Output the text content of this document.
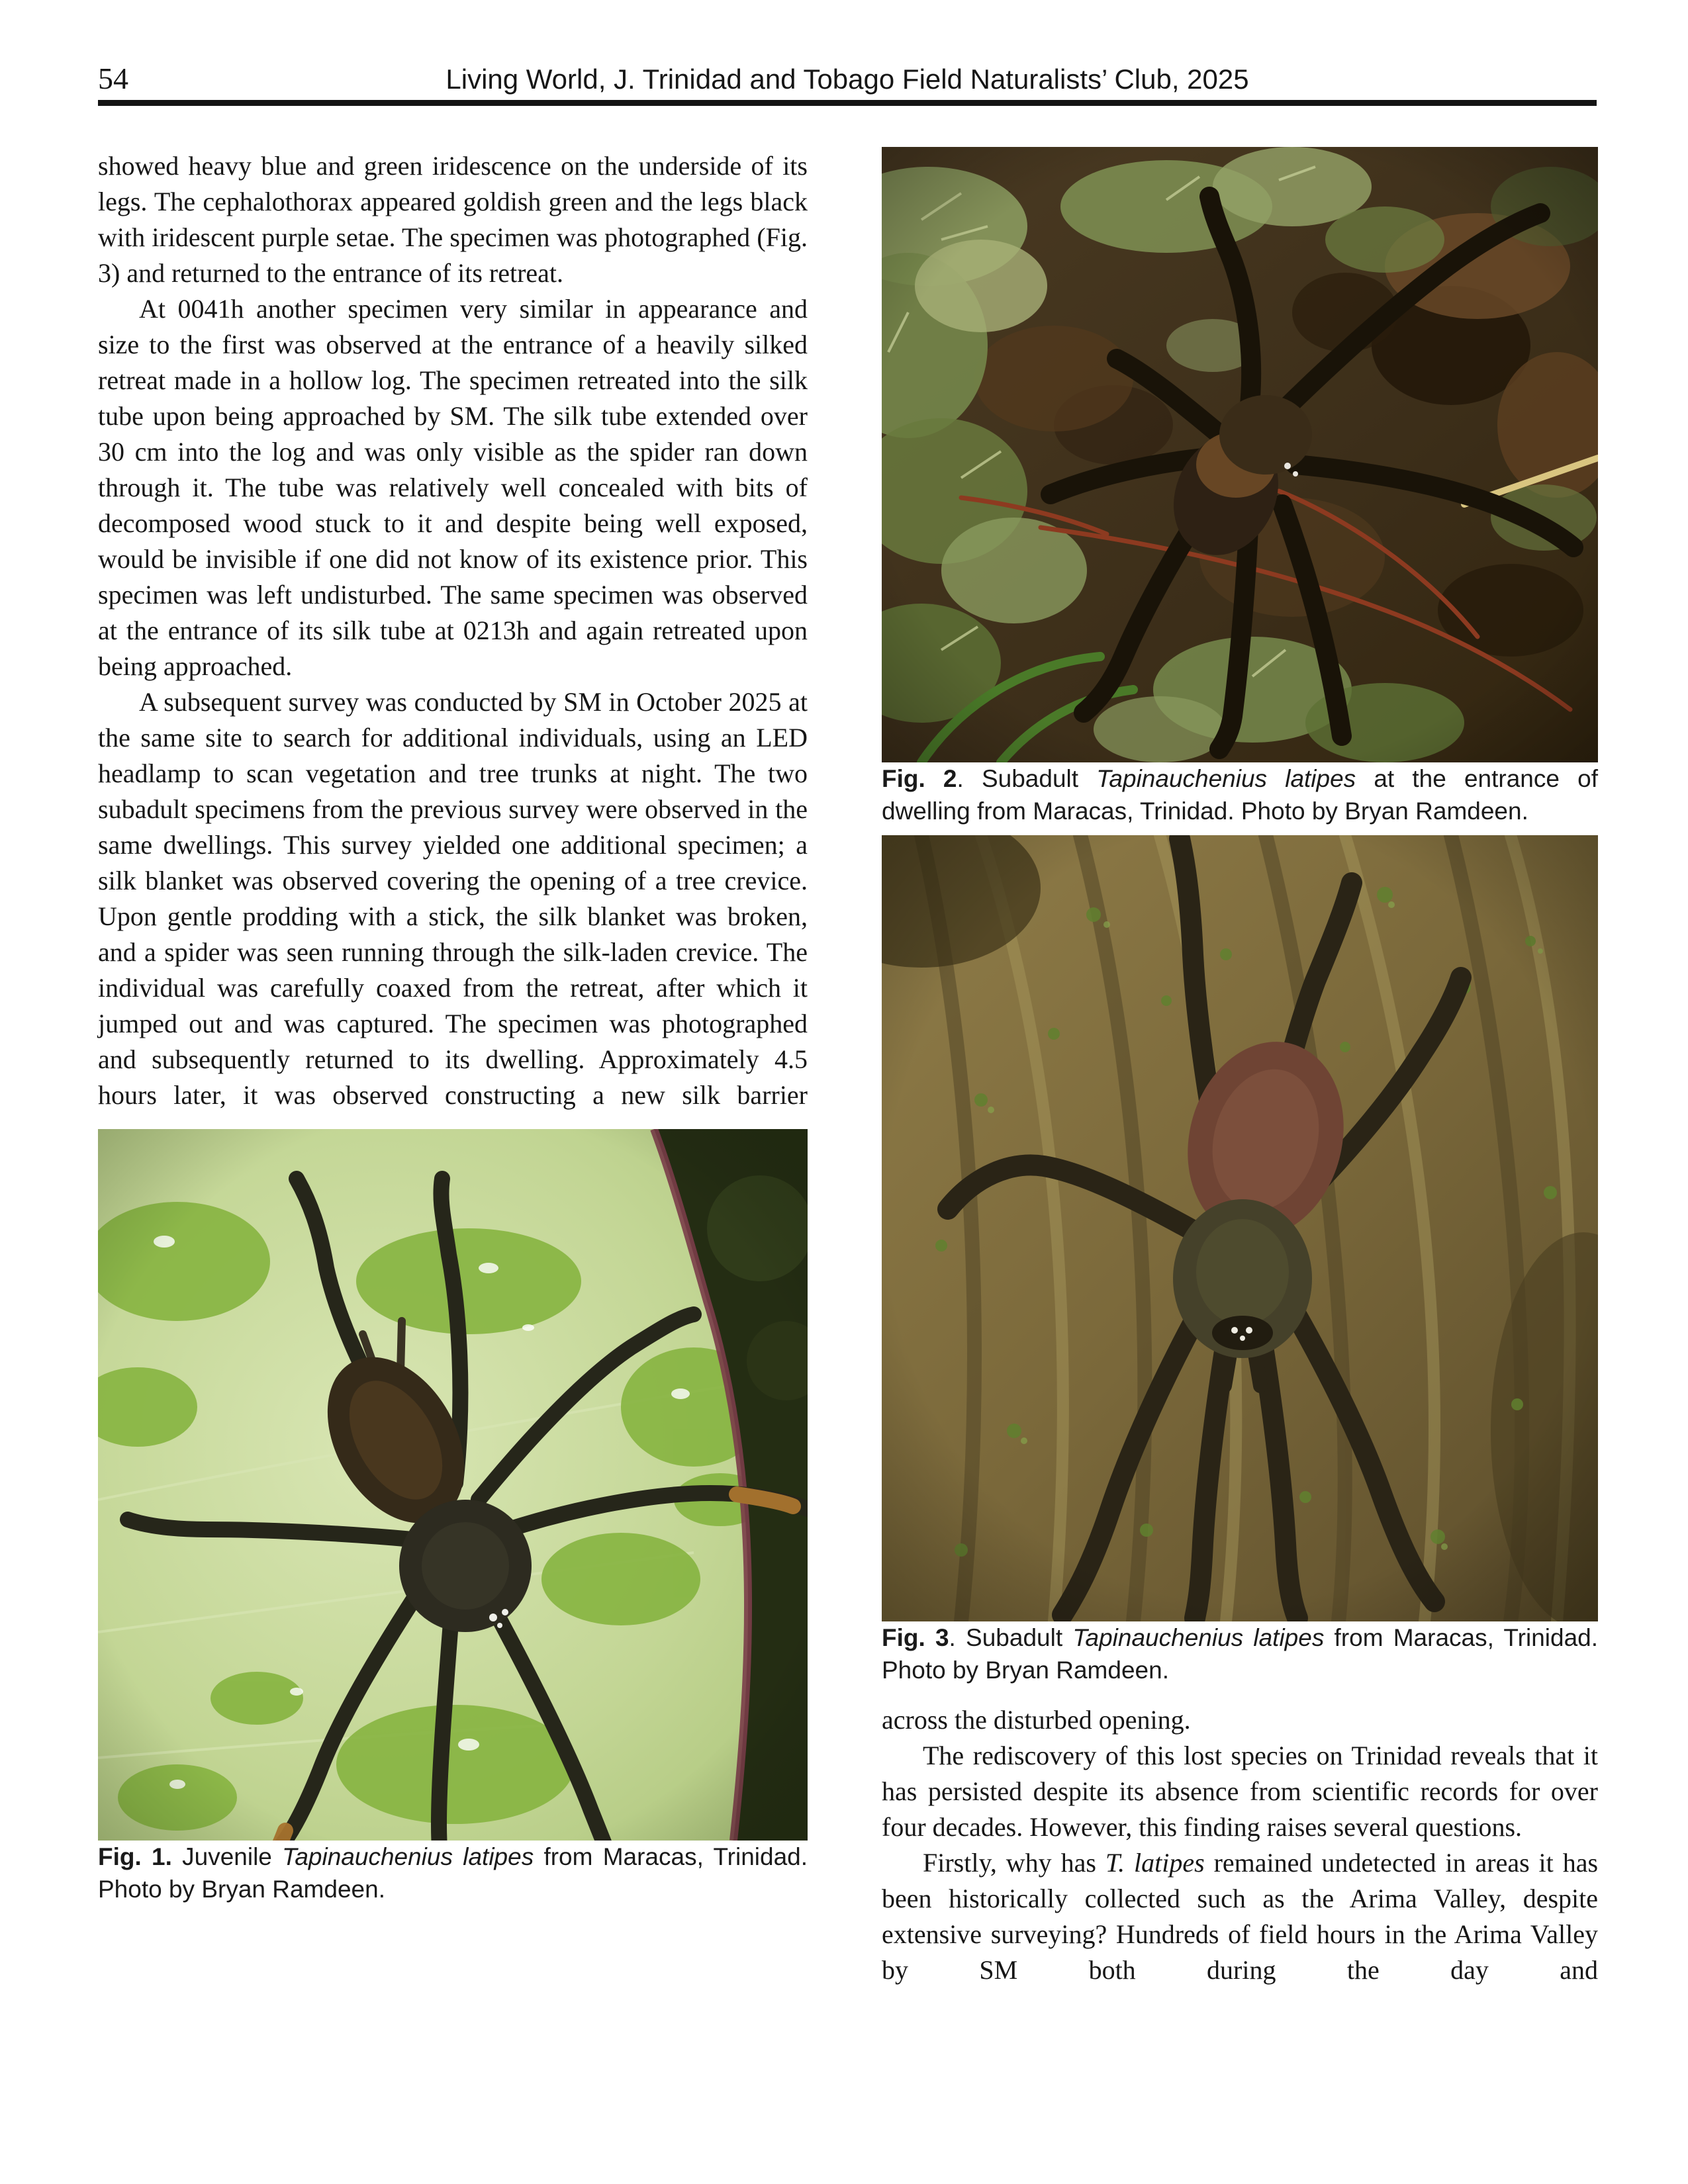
54	Living World, J. Trinidad and Tobago Field Naturalists’ Club, 2025

showed heavy blue and green iridescence on the underside of its legs. The cephalothorax appeared goldish green and the legs black with iridescent purple setae. The specimen was photographed (Fig. 3) and returned to the entrance of its retreat.

At 0041h another specimen very similar in appearance and size to the first was observed at the entrance of a heavily silked retreat made in a hollow log. The specimen retreated into the silk tube upon being approached by SM. The silk tube extended over 30 cm into the log and was only visible as the spider ran down through it. The tube was relatively well concealed with bits of decomposed wood stuck to it and despite being well exposed, would be invisible if one did not know of its existence prior. This specimen was left undisturbed. The same specimen was observed at the entrance of its silk tube at 0213h and again retreated upon being approached.

A subsequent survey was conducted by SM in October 2025 at the same site to search for additional individuals, using an LED headlamp to scan vegetation and tree trunks at night. The two subadult specimens from the previous survey were observed in the same dwellings. This survey yielded one additional specimen; a silk blanket was observed covering the opening of a tree crevice. Upon gentle prodding with a stick, the silk blanket was broken, and a spider was seen running through the silk-laden crevice. The individual was carefully coaxed from the retreat, after which it jumped out and was captured. The specimen was photographed and subsequently returned to its dwelling. Approximately 4.5 hours later, it was observed constructing a new silk barrier

Fig. 1. Juvenile Tapinauchenius latipes from Maracas, Trinidad. Photo by Bryan Ramdeen.
Fig. 2. Subadult Tapinauchenius latipes at the entrance of dwelling from Maracas, Trinidad. Photo by Bryan Ramdeen.
Fig. 3. Subadult Tapinauchenius latipes from Maracas, Trinidad. Photo by Bryan Ramdeen.

across the disturbed opening.

The rediscovery of this lost species on Trinidad reveals that it has persisted despite its absence from scientific records for over four decades. However, this finding raises several questions.

Firstly, why has T. latipes remained undetected in areas it has been historically collected such as the Arima Valley, despite extensive surveying? Hundreds of field hours in the Arima Valley by SM both during the day and
